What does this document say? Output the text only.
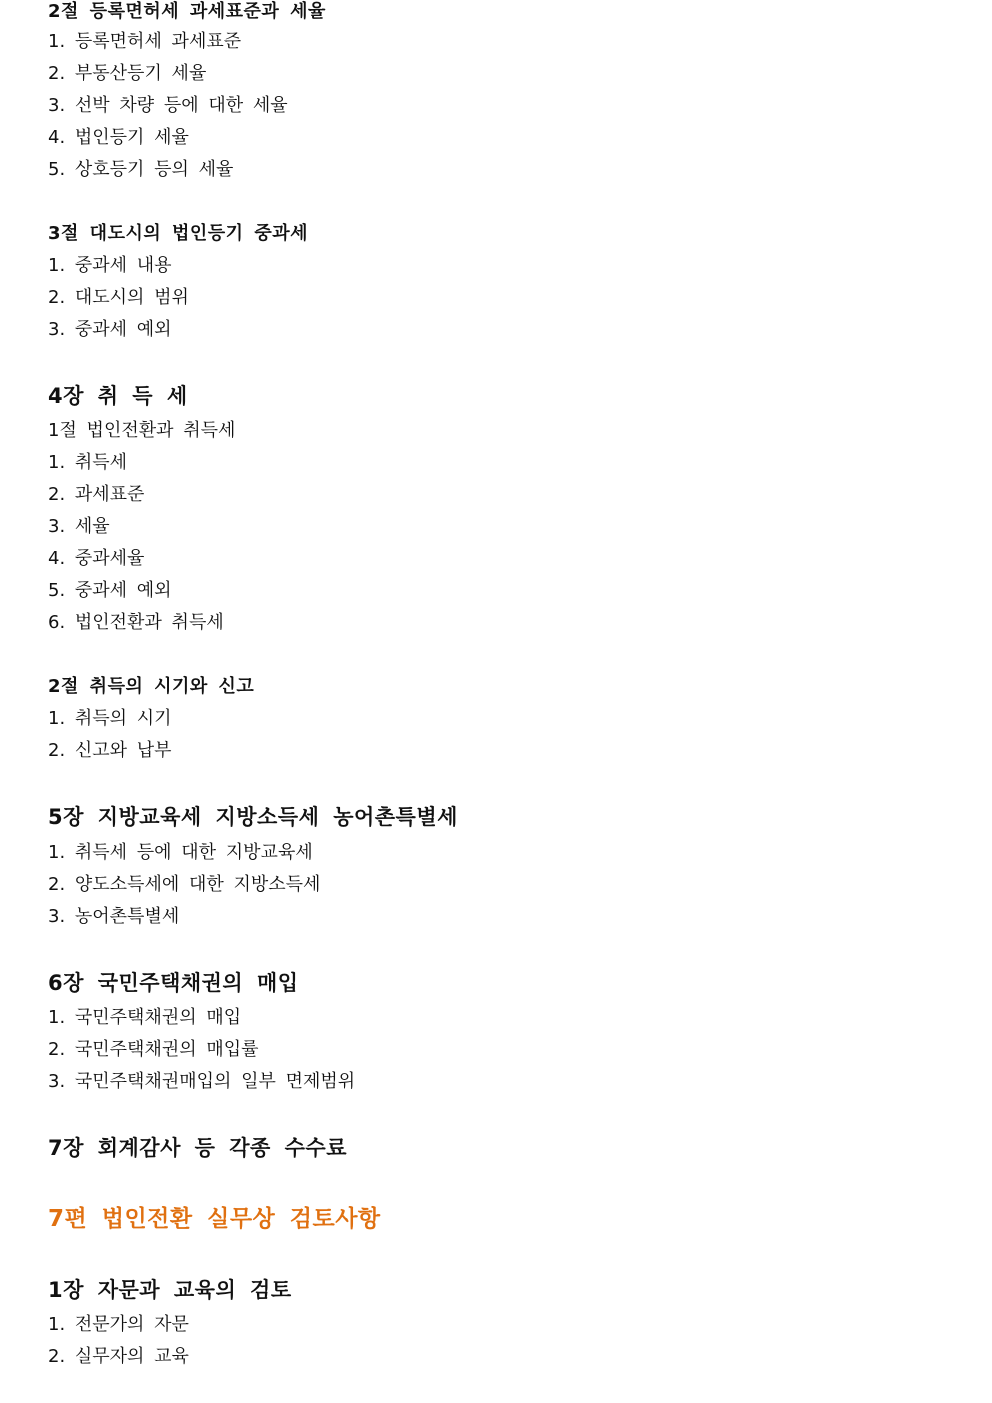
2절 등록면허세 과세표준과 세율
1. 등록면허세 과세표준
2. 부동산등기 세율
3. 선박 차량 등에 대한 세율
4. 법인등기 세율
5. 상호등기 등의 세율
3절 대도시의 법인등기 중과세
1. 중과세 내용
2. 대도시의 범위
3. 중과세 예외
4장 취 득 세
1절 법인전환과 취득세
1. 취득세
2. 과세표준
3. 세율
4. 중과세율
5. 중과세 예외
6. 법인전환과 취득세
2절 취득의 시기와 신고
1. 취득의 시기
2. 신고와 납부
5장 지방교육세 지방소득세 농어촌특별세
1. 취득세 등에 대한 지방교육세
2. 양도소득세에 대한 지방소득세
3. 농어촌특별세
6장 국민주택채권의 매입
1. 국민주택채권의 매입
2. 국민주택채권의 매입률
3. 국민주택채권매입의 일부 면제범위
7장 회계감사 등 각종 수수료
7편 법인전환 실무상 검토사항
1장 자문과 교육의 검토
1. 전문가의 자문
2. 실무자의 교육
